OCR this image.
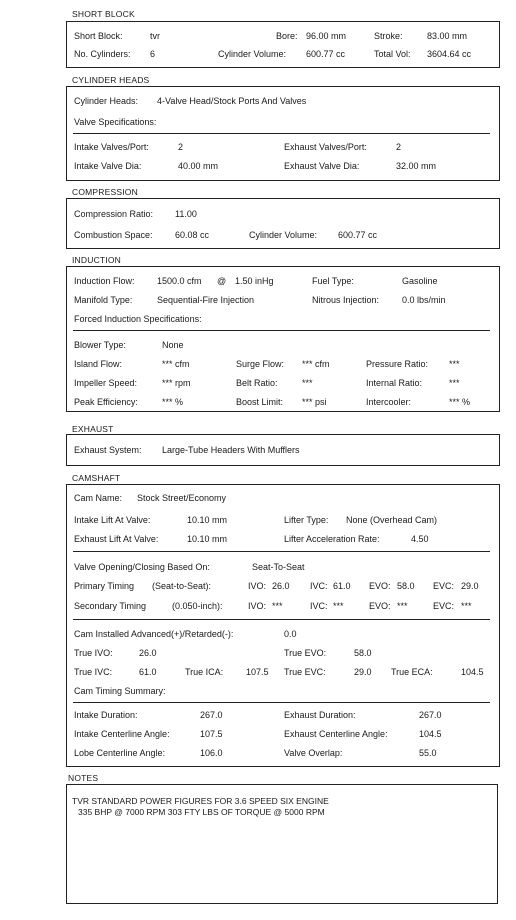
SHORT BLOCK
Short Block:	tvr	Bore: 96.00 mm	Stroke:	83.00 mm
No. Cylinders: 6	Cylinder Volume: 600.77 cc	Total Vol: 3604.64 cc
CYLINDER HEADS
Cylinder Heads: 4-Valve Head/Stock Ports And Valves
Valve Specifications:
Intake Valves/Port:	2	Exhaust Valves/Port:	2
Intake Valve Dia:	40.00 mm	Exhaust Valve Dia:	32.00 mm
COMPRESSION
Compression Ratio: 11.00
Combustion Space: 60.08 cc	Cylinder Volume: 600.77 cc
INDUCTION
Induction Flow: 1500.0 cfm @ 1.50 inHg	Fuel Type:	Gasoline
Manifold Type:	Sequential-Fire Injection	Nitrous Injection:	0.0 lbs/min
Forced Induction Specifications:
Blower Type:	None
Island Flow:	*** cfm	Surge Flow: *** cfm	Pressure Ratio: ***
Impeller Speed:	*** rpm	Belt Ratio:	***	Internal Ratio:	***
Peak Efficiency:	*** %	Boost Limit: *** psi	Intercooler:	*** %
EXHAUST
Exhaust System: Large-Tube Headers With Mufflers
CAMSHAFT
Cam Name: Stock Street/Economy
Intake Lift At Valve:	10.10 mm	Lifter Type: None (Overhead Cam)
Exhaust Lift At Valve:	10.10 mm	Lifter Acceleration Rate:	4.50
Valve Opening/Closing Based On:	Seat-To-Seat
Primary Timing (Seat-to-Seat):	IVO: 26.0 IVC: 61.0 EVO: 58.0 EVC: 29.0
Secondary Timing	(0.050-inch):	IVO: ***	IVC: ***	EVO: ***	EVC: ***
Cam Installed Advanced(+)/Retarded(-):	0.0
True IVO:	26.0	True EVO:	58.0
True IVC:	61.0	True ICA:	107.5 True EVC:	29.0 True ECA:	104.5
Cam Timing Summary:
Intake Duration:	267.0	Exhaust Duration:	267.0
Intake Centerline Angle:	107.5	Exhaust Centerline Angle:	104.5
Lobe Centerline Angle:	106.0	Valve Overlap:	55.0
NOTES
TVR STANDARD POWER FIGURES FOR 3.6 SPEED SIX ENGINE
335 BHP @ 7000 RPM 303 FTY LBS OF TORQUE @ 5000 RPM
